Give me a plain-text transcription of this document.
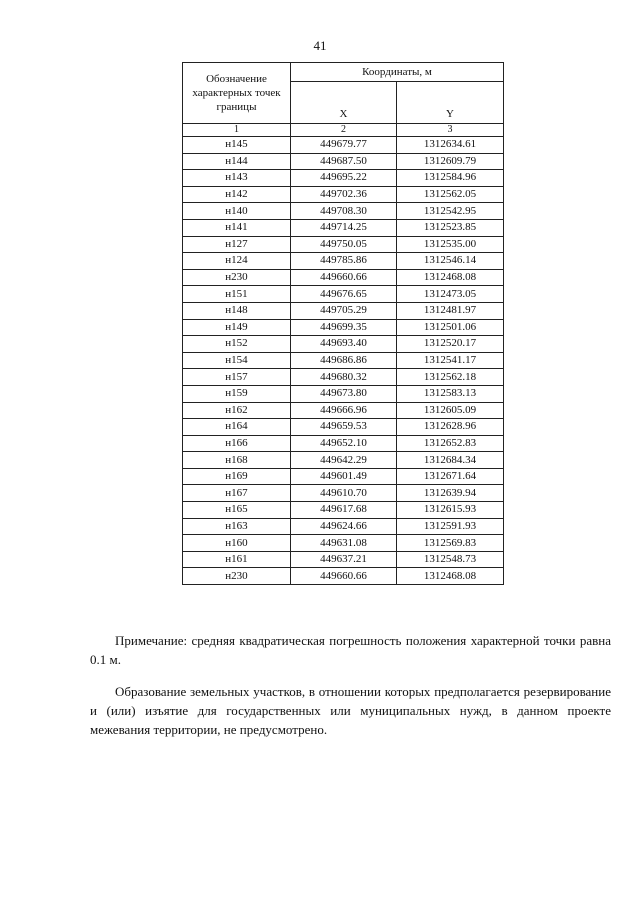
41
Обозначение характерных точек границы	Координаты, м	
	X	Y
1	2	3
н145	449679.77	1312634.61
н144	449687.50	1312609.79
н143	449695.22	1312584.96
н142	449702.36	1312562.05
н140	449708.30	1312542.95
н141	449714.25	1312523.85
н127	449750.05	1312535.00
н124	449785.86	1312546.14
н230	449660.66	1312468.08
н151	449676.65	1312473.05
н148	449705.29	1312481.97
н149	449699.35	1312501.06
н152	449693.40	1312520.17
н154	449686.86	1312541.17
н157	449680.32	1312562.18
н159	449673.80	1312583.13
н162	449666.96	1312605.09
н164	449659.53	1312628.96
н166	449652.10	1312652.83
н168	449642.29	1312684.34
н169	449601.49	1312671.64
н167	449610.70	1312639.94
н165	449617.68	1312615.93
н163	449624.66	1312591.93
н160	449631.08	1312569.83
н161	449637.21	1312548.73
н230	449660.66	1312468.08
Примечание: средняя квадратическая погрешность положения характерной точки равна 0.1 м.
Образование земельных участков, в отношении которых предполагается резервирование и (или) изъятие для государственных или муниципальных нужд, в данном проекте межевания территории, не предусмотрено.
